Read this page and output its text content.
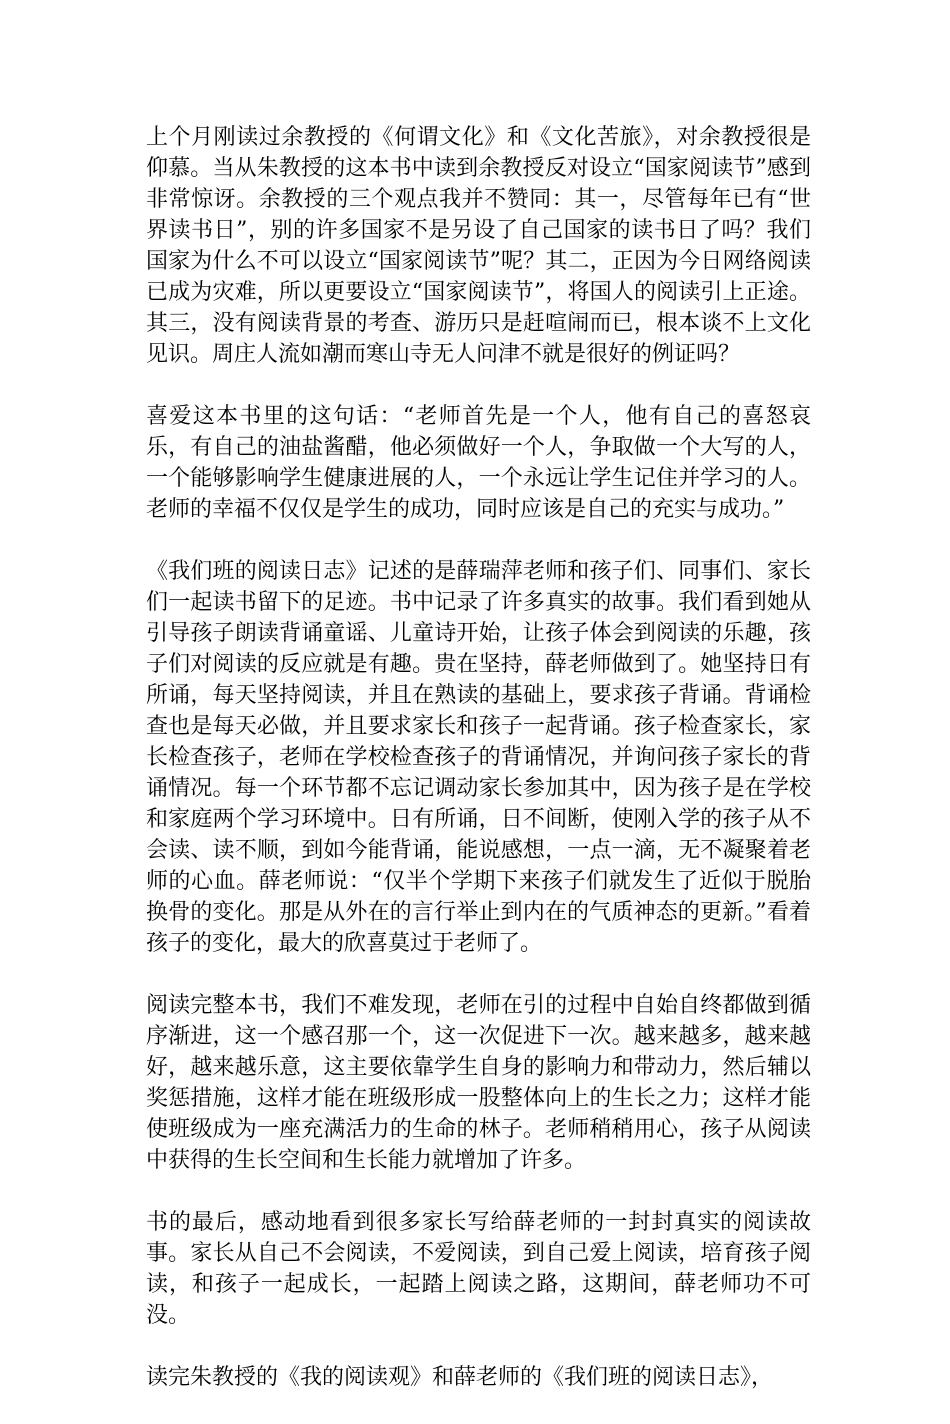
上个月刚读过余教授的《何谓文化》和《文化苦旅》，对余教授很是仰慕。当从朱教授的这本书中读到余教授反对设立“国家阅读节”感到非常惊讶。余教授的三个观点我并不赞同：其一，尽管每年已有“世界读书日”，别的许多国家不是另设了自己国家的读书日了吗？我们国家为什么不可以设立“国家阅读节”呢？其二，正因为今日网络阅读已成为灾难，所以更要设立“国家阅读节”，将国人的阅读引上正途。其三，没有阅读背景的考查、游历只是赶喧闹而已，根本谈不上文化见识。周庄人流如潮而寒山寺无人问津不就是很好的例证吗？

喜爱这本书里的这句话：“老师首先是一个人，他有自己的喜怒哀乐，有自己的油盐酱醋，他必须做好一个人，争取做一个大写的人，一个能够影响学生健康进展的人，一个永远让学生记住并学习的人。老师的幸福不仅仅是学生的成功，同时应该是自己的充实与成功。”

《我们班的阅读日志》记述的是薛瑞萍老师和孩子们、同事们、家长们一起读书留下的足迹。书中记录了许多真实的故事。我们看到她从引导孩子朗读背诵童谣、儿童诗开始，让孩子体会到阅读的乐趣，孩子们对阅读的反应就是有趣。贵在坚持，薛老师做到了。她坚持日有所诵，每天坚持阅读，并且在熟读的基础上，要求孩子背诵。背诵检查也是每天必做，并且要求家长和孩子一起背诵。孩子检查家长，家长检查孩子，老师在学校检查孩子的背诵情况，并询问孩子家长的背诵情况。每一个环节都不忘记调动家长参加其中，因为孩子是在学校和家庭两个学习环境中。日有所诵，日不间断，使刚入学的孩子从不会读、读不顺，到如今能背诵，能说感想，一点一滴，无不凝聚着老师的心血。薛老师说：“仅半个学期下来孩子们就发生了近似于脱胎换骨的变化。那是从外在的言行举止到内在的气质神态的更新。”看着孩子的变化，最大的欣喜莫过于老师了。

阅读完整本书，我们不难发现，老师在引的过程中自始自终都做到循序渐进，这一个感召那一个，这一次促进下一次。越来越多，越来越好，越来越乐意，这主要依靠学生自身的影响力和带动力，然后辅以奖惩措施，这样才能在班级形成一股整体向上的生长之力；这样才能使班级成为一座充满活力的生命的林子。老师稍稍用心，孩子从阅读中获得的生长空间和生长能力就增加了许多。

书的最后，感动地看到很多家长写给薛老师的一封封真实的阅读故事。家长从自己不会阅读，不爱阅读，到自己爱上阅读，培育孩子阅读，和孩子一起成长，一起踏上阅读之路，这期间，薛老师功不可没。

读完朱教授的《我的阅读观》和薛老师的《我们班的阅读日志》，
